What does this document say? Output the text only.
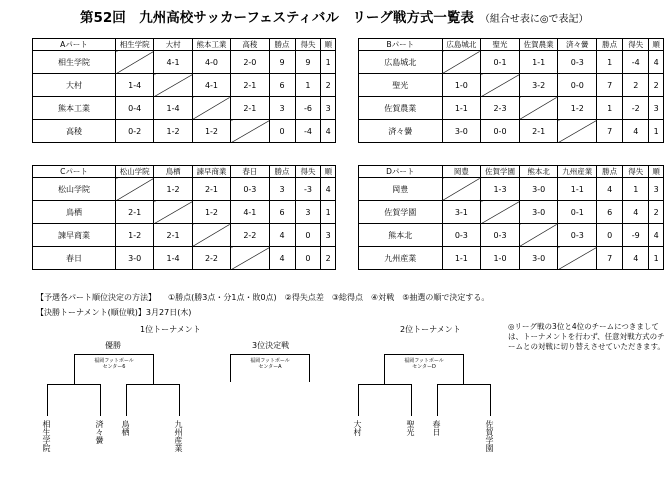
第52回　九州高校サッカーフェスティバル　リーグ戦方式一覧表 （組合せ表に◎で表記）
Aパート	相生学院	大村	熊本工業	高稜	勝点	得失	順
相生学院		4-1	4-0	2-0	9	9	1
大村	1-4		4-1	2-1	6	1	2
熊本工業	0-4	1-4		2-1	3	-6	3
高稜	0-2	1-2	1-2		0	-4	4
Bパート	広島城北	聖光	佐賀農業	済々黌	勝点	得失	順
広島城北		0-1	1-1	0-3	1	-4	4
聖光	1-0		3-2	0-0	7	2	2
佐賀農業	1-1	2-3		1-2	1	-2	3
済々黌	3-0	0-0	2-1		7	4	1
Cパート	松山学院	鳥栖	諫早商業	春日	勝点	得失	順
松山学院		1-2	2-1	0-3	3	-3	4
鳥栖	2-1		1-2	4-1	6	3	1
諫早商業	1-2	2-1		2-2	4	0	3
春日	3-0	1-4	2-2		4	0	2
Dパート	岡豊	佐賀学園	熊本北	九州産業	勝点	得失	順
岡豊		1-3	3-0	1-1	4	1	3
佐賀学園	3-1		3-0	0-1	6	4	2
熊本北	0-3	0-3		0-3	0	-9	4
九州産業	1-1	1-0	3-0		7	4	1
【予選各パート順位決定の方法】　　①勝点(勝3点・分1点・敗0点)　②得失点差　③総得点　④対戦　⑤抽選の順で決定する。
【決勝トーナメント(順位戦)】3月27日(木)
1位トーナメント
優勝
福岡フットボール
センター6
相生学院	済々黌 鳥栖	九州産業
3位決定戦
福岡フットボール
センターA
2位トーナメント
福岡フットボール
センターD
大村	聖光 春日	佐賀学園
◎リーグ戦の3位と4位のチームにつきましては、トーナメントを行わず、任意対戦方式のチームとの対戦に切り替えさせていただきます。
